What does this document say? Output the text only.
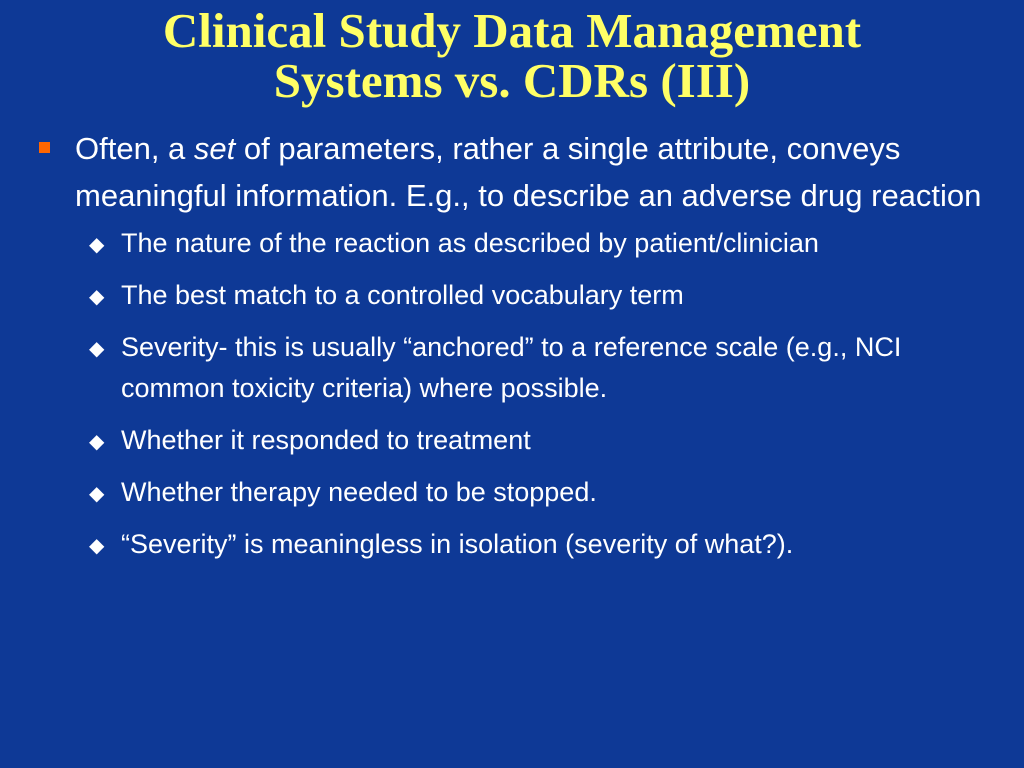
Clinical Study Data Management
Systems vs. CDRs (III)
Often, a set of parameters, rather a single attribute, conveys meaningful information. E.g., to describe an adverse drug reaction
◆ The nature of the reaction as described by patient/clinician
◆ The best match to a controlled vocabulary term
◆ Severity- this is usually “anchored” to a reference scale (e.g., NCI common toxicity criteria) where possible.
◆ Whether it responded to treatment
◆ Whether therapy needed to be stopped.
◆ “Severity” is meaningless in isolation (severity of what?).
